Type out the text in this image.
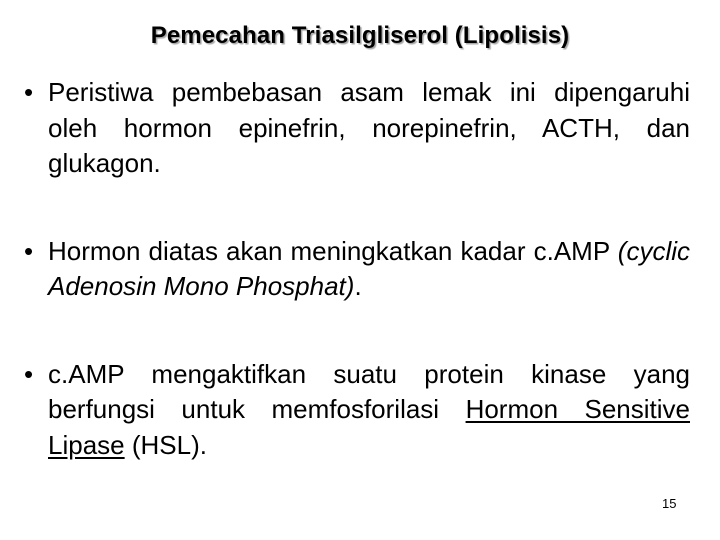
Pemecahan Triasilgliserol (Lipolisis)
• Peristiwa pembebasan asam lemak ini dipengaruhi oleh hormon epinefrin, norepinefrin, ACTH, dan glukagon.
• Hormon diatas akan meningkatkan kadar c.AMP (cyclic Adenosin Mono Phosphat).
• c.AMP mengaktifkan suatu protein kinase yang berfungsi untuk memfosforilasi Hormon Sensitive Lipase (HSL).
15
